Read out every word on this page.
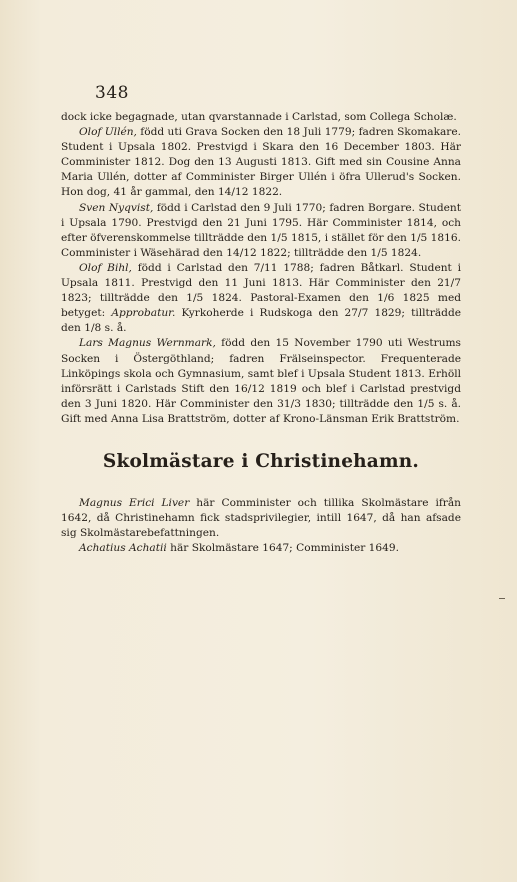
348

dock icke begagnade, utan qvarstannade i Carlstad, som Collega Scholæ.

Olof Ullén, född uti Grava Socken den 18 Juli 1779; fadren Skomakare. Student i Upsala 1802. Prestvigd i Skara den 16 December 1803. Här Comminister 1812. Dog den 13 Augusti 1813. Gift med sin Cousine Anna Maria Ullén, dotter af Comminister Birger Ullén i öfra Ullerud's Socken. Hon dog, 41 år gammal, den 14/12 1822.

Sven Nyqvist, född i Carlstad den 9 Juli 1770; fadren Borgare. Student i Upsala 1790. Prestvigd den 21 Juni 1795. Här Comminister 1814, och efter öfverenskommelse tillträdde den 1/5 1815, i stället för den 1/5 1816. Comminister i Wäsehärad den 14/12 1822; tillträdde den 1/5 1824.

Olof Bihl, född i Carlstad den 7/11 1788; fadren Båtkarl. Student i Upsala 1811. Prestvigd den 11 Juni 1813. Här Comminister den 21/7 1823; tillträdde den 1/5 1824. Pastoral-Examen den 1/6 1825 med betyget: Approbatur. Kyrkoherde i Rudskoga den 27/7 1829; tillträdde den 1/8 s. å.

Lars Magnus Wernmark, född den 15 November 1790 uti Westrums Socken i Östergöthland; fadren Frälseinspector. Frequenterade Linköpings skola och Gymnasium, samt blef i Upsala Student 1813. Erhöll införsrätt i Carlstads Stift den 16/12 1819 och blef i Carlstad prestvigd den 3 Juni 1820. Här Comminister den 31/3 1830; tillträdde den 1/5 s. å. Gift med Anna Lisa Brattström, dotter af Krono-Länsman Erik Brattström.

Skolmästare i Christinehamn.

Magnus Erici Liver här Comminister och tillika Skolmästare ifrån 1642, då Christinehamn fick stadsprivilegier, intill 1647, då han afsade sig Skolmästarebefattningen.

Achatius Achatii här Skolmästare 1647; Comminister 1649.
